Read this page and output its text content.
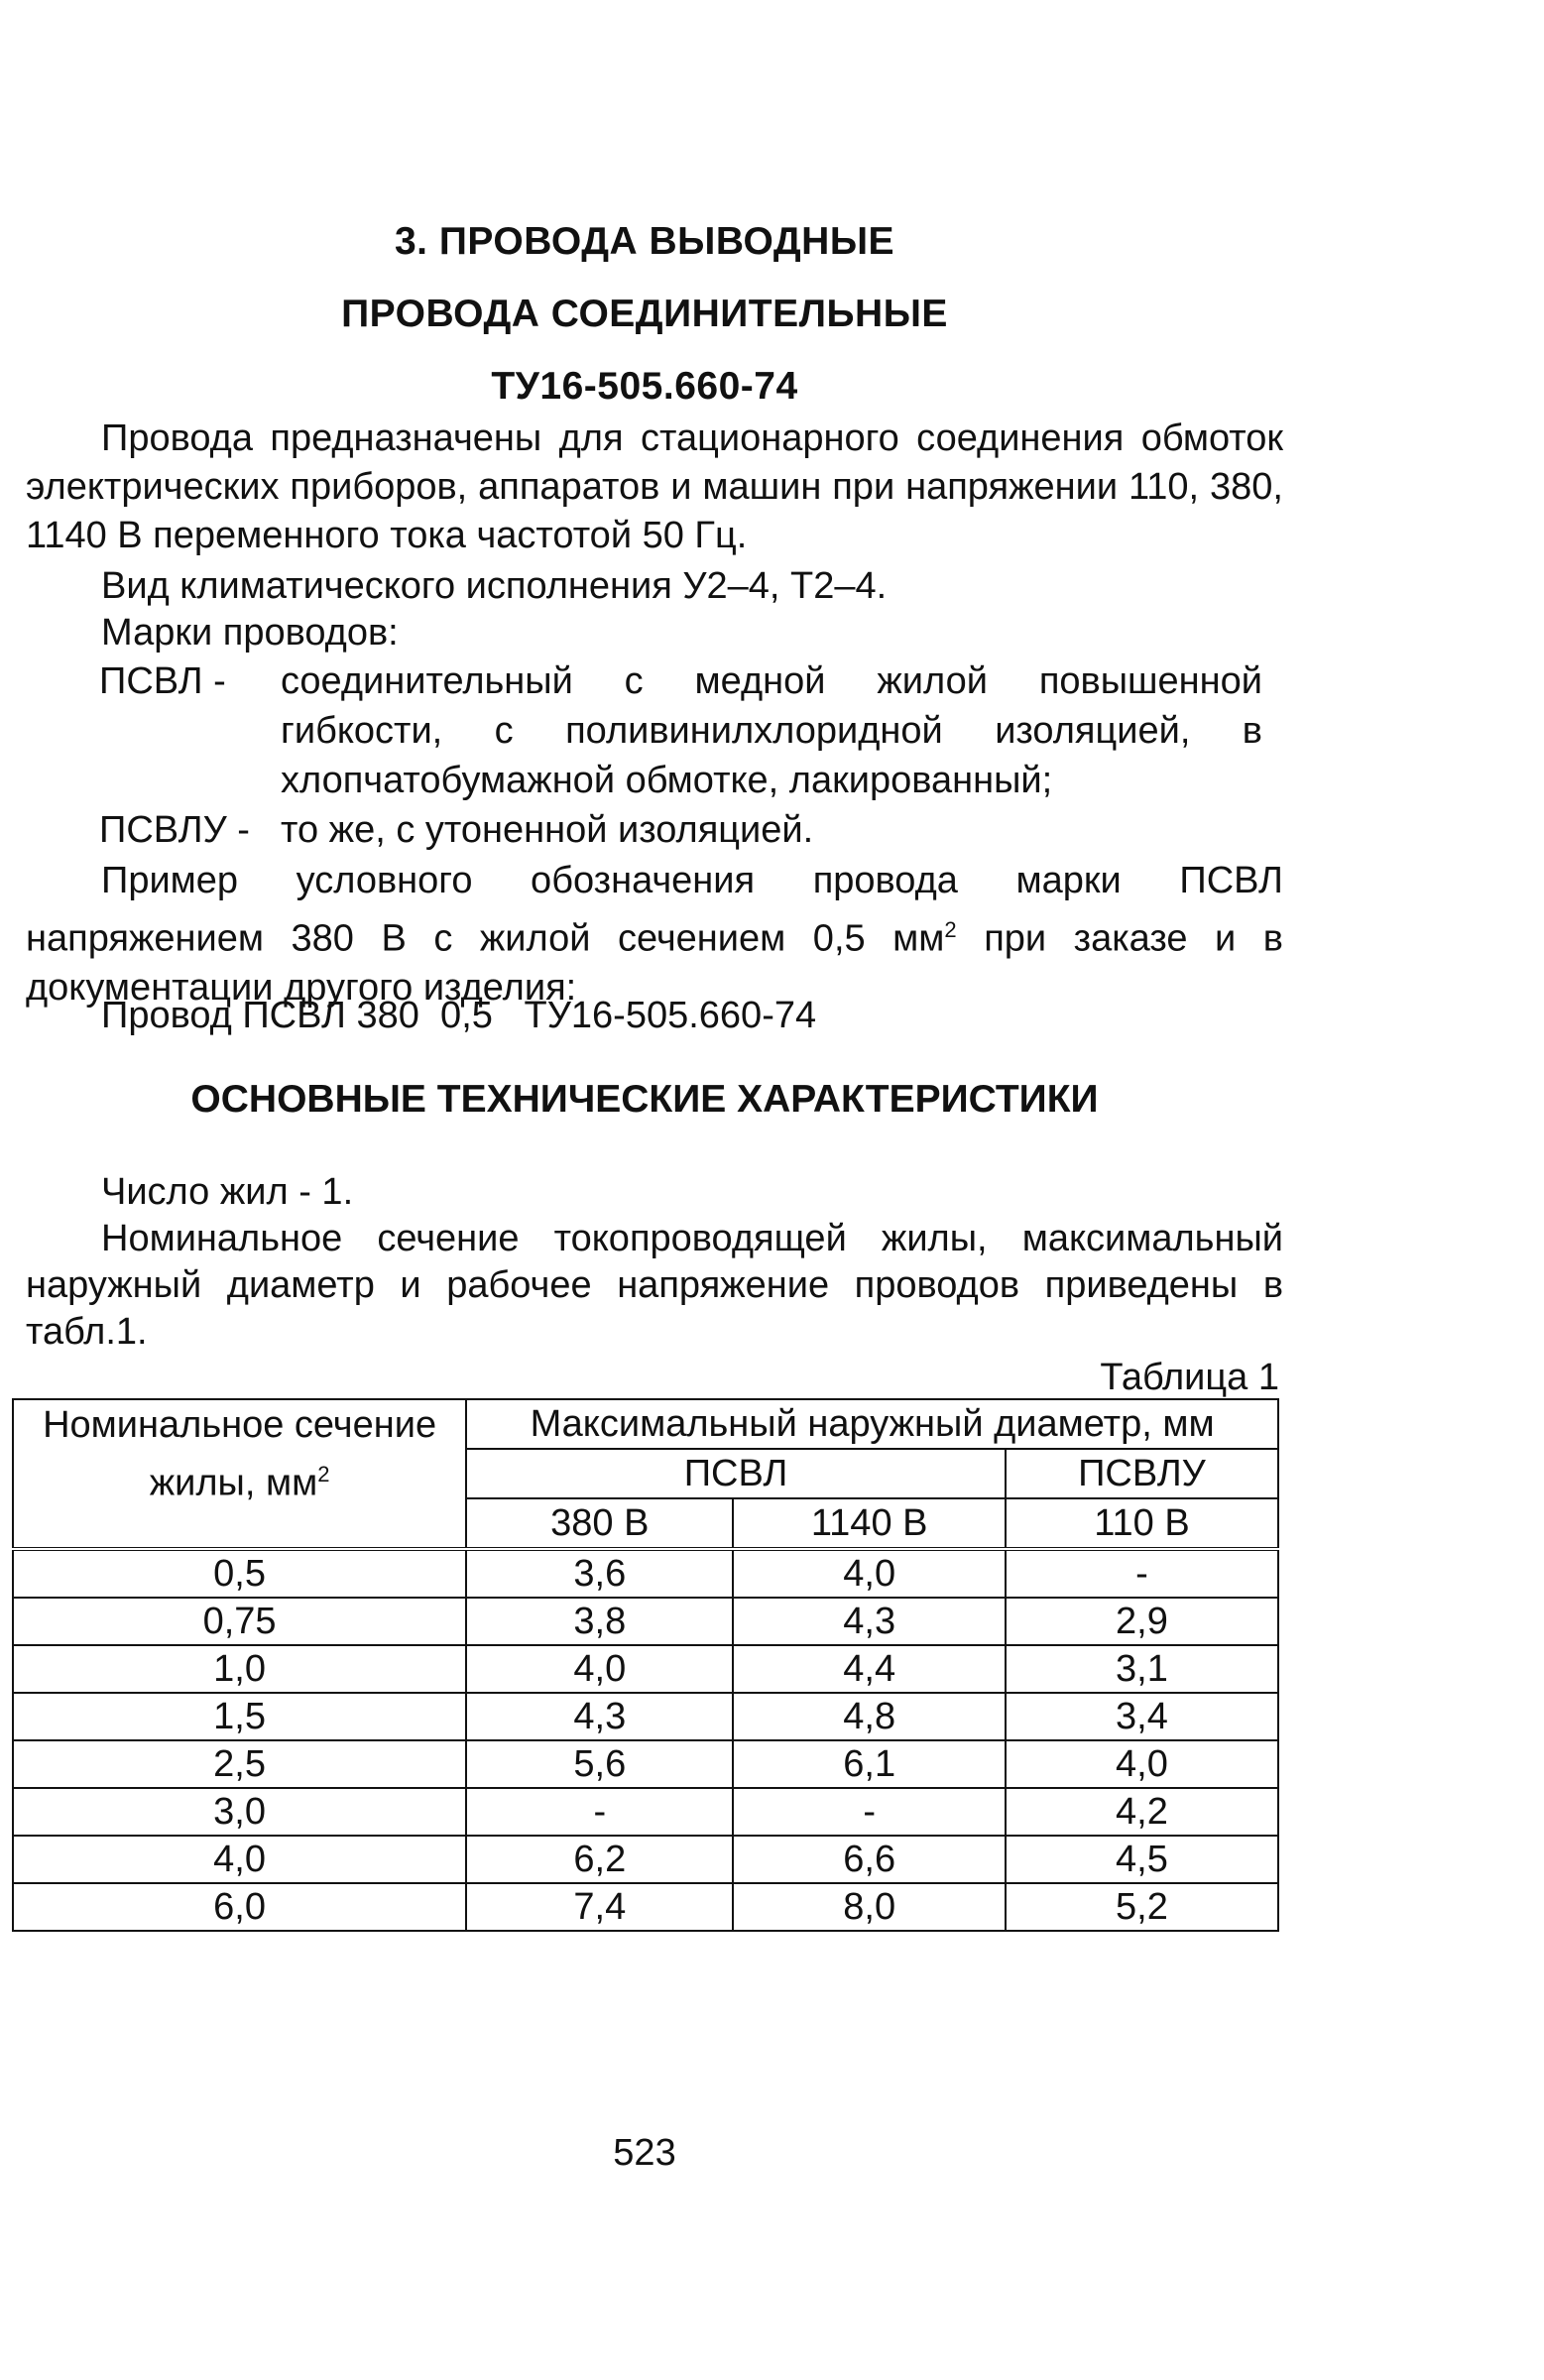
3. ПРОВОДА ВЫВОДНЫЕ
ПРОВОДА СОЕДИНИТЕЛЬНЫЕ
ТУ16-505.660-74
Провода предназначены для стационарного соединения обмоток электрических приборов, аппаратов и машин при напряжении 110, 380, 1140 В переменного тока частотой 50 Гц.
Вид климатического исполнения У2–4, Т2–4.
Марки проводов:
ПСВЛ - соединительный с медной жилой повышенной гибкости, с поливинилхлоридной изоляцией, в хлопчатобумажной обмотке, лакированный;
ПСВЛУ - то же, с утоненной изоляцией.
Пример условного обозначения провода марки ПСВЛ напряжением 380 В с жилой сечением 0,5 $мм^2$ при заказе и в документации другого изделия:
Провод ПСВЛ 380  0,5   ТУ16-505.660-74
ОСНОВНЫЕ ТЕХНИЧЕСКИЕ ХАРАКТЕРИСТИКИ
Число жил - 1.
Номинальное сечение токопроводящей жилы, максимальный наружный диаметр и рабочее напряжение проводов приведены в табл.1.
Таблица 1
Номинальное сечение жилы, $мм^2$	Максимальный наружный диаметр, мм		
	ПСВЛ		ПСВЛУ
	380 В	1140 В	110 В
0,5	3,6	4,0	-
0,75	3,8	4,3	2,9
1,0	4,0	4,4	3,1
1,5	4,3	4,8	3,4
2,5	5,6	6,1	4,0
3,0	-	-	4,2
4,0	6,2	6,6	4,5
6,0	7,4	8,0	5,2
523
